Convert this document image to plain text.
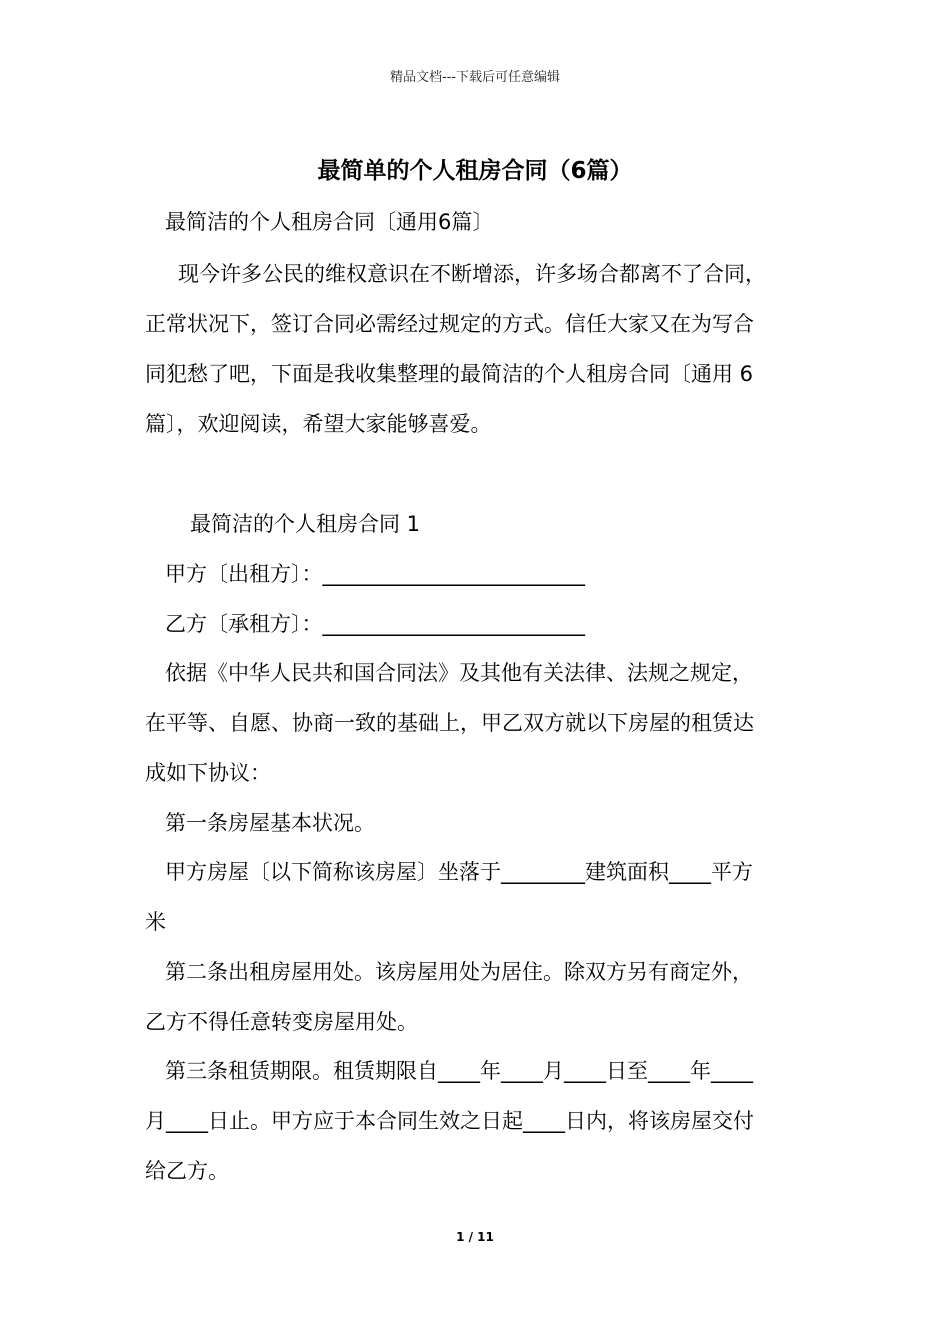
精品文档---下载后可任意编辑
最简单的个人租房合同（6篇）
最简洁的个人租房合同〔通用6篇〕
现今许多公民的维权意识在不断增添，许多场合都离不了合同，
正常状况下，签订合同必需经过规定的方式。信任大家又在为写合
同犯愁了吧，下面是我收集整理的最简洁的个人租房合同〔通用 6
篇〕，欢迎阅读，希望大家能够喜爱。
最简洁的个人租房合同 1
甲方〔出租方〕：_________________________
乙方〔承租方〕：_________________________
依据《中华人民共和国合同法》及其他有关法律、法规之规定，
在平等、自愿、协商一致的基础上，甲乙双方就以下房屋的租赁达
成如下协议：
第一条房屋基本状况。
甲方房屋〔以下简称该房屋〕坐落于________建筑面积____平方
米
第二条出租房屋用处。该房屋用处为居住。除双方另有商定外，
乙方不得任意转变房屋用处。
第三条租赁期限。租赁期限自____年____月____日至____年____
月____日止。甲方应于本合同生效之日起____日内，将该房屋交付
给乙方。
1 / 11
